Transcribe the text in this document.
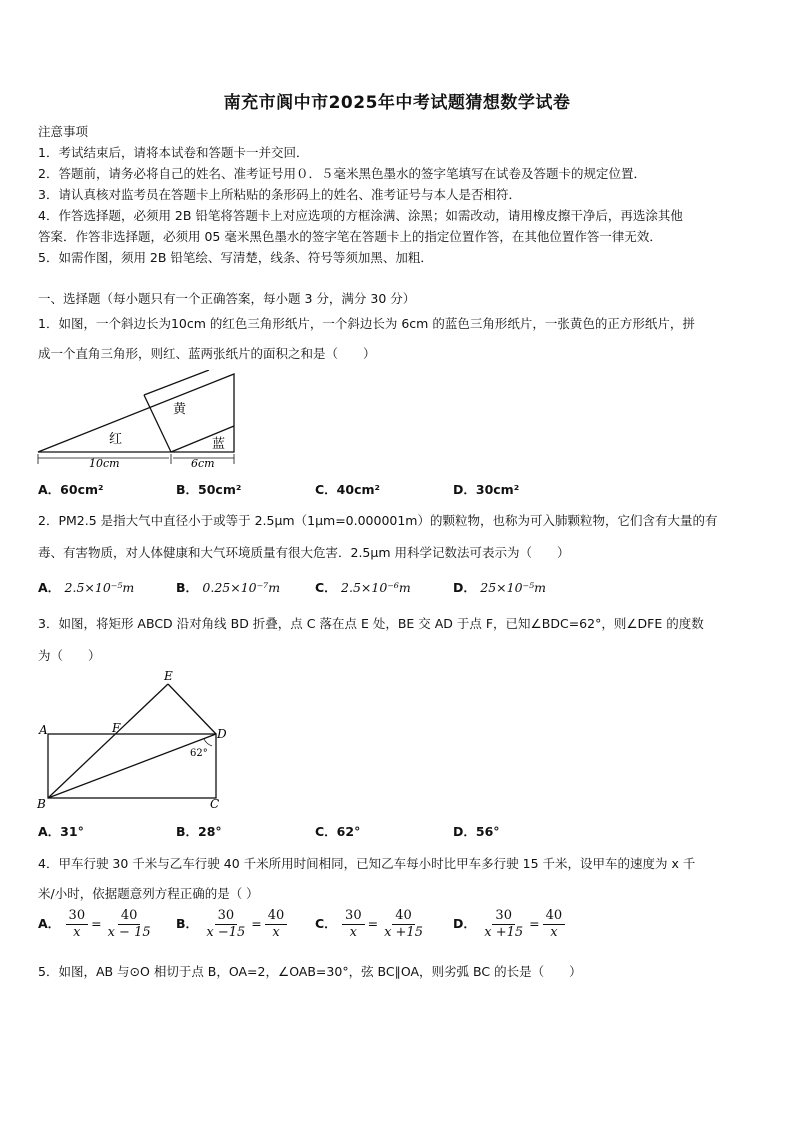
南充市阆中市2025年中考试题猜想数学试卷
注意事项
1．考试结束后，请将本试卷和答题卡一并交回．
2．答题前，请务必将自己的姓名、准考证号用０．５毫米黑色墨水的签字笔填写在试卷及答题卡的规定位置．
3．请认真核对监考员在答题卡上所粘贴的条形码上的姓名、准考证号与本人是否相符．
4．作答选择题，必须用 2B 铅笔将答题卡上对应选项的方框涂满、涂黑；如需改动，请用橡皮擦干净后，再选涂其他
答案．作答非选择题，必须用 05 毫米黑色墨水的签字笔在答题卡上的指定位置作答，在其他位置作答一律无效．
5．如需作图，须用 2B 铅笔绘、写清楚，线条、符号等须加黑、加粗．
一、选择题（每小题只有一个正确答案，每小题 3 分，满分 30 分）
1．如图，一个斜边长为10cm 的红色三角形纸片，一个斜边长为 6cm 的蓝色三角形纸片，一张黄色的正方形纸片，拼
成一个直角三角形，则红、蓝两张纸片的面积之和是（　　）
黄
红	蓝
10cm	6cm
A．60cm²	B．50cm²	C．40cm²	D．30cm²
2．PM2.5 是指大气中直径小于或等于 2.5μm（1μm=0.000001m）的颗粒物，也称为可入肺颗粒物，它们含有大量的有
毒、有害物质，对人体健康和大气环境质量有很大危害．2.5μm 用科学记数法可表示为（　　）
A． 2.5×10⁻⁵m	B． 0.25×10⁻⁷m	C． 2.5×10⁻⁶m	D． 25×10⁻⁵m
3．如图，将矩形 ABCD 沿对角线 BD 折叠，点 C 落在点 E 处，BE 交 AD 于点 F，已知∠BDC=62°，则∠DFE 的度数
为（　　）
A
B	C
D
E
F
62°
A．31°	B．28°	C．62°	D．56°
4．甲车行驶 30 千米与乙车行驶 40 千米所用时间相同，已知乙车每小时比甲车多行驶 15 千米，设甲车的速度为 x 千
米/小时，依据题意列方程正确的是（ ）
A． $\frac{30}{x} = \frac{40}{x - 15}$ B． $\frac{30}{x -15} = \frac{40}{x}$ C． $\frac{30}{x} = \frac{40}{x +15}$ D． $\frac{30}{x +15} = \frac{40}{x}$
5．如图，AB 与⊙O 相切于点 B，OA=2，∠OAB=30°，弦 BC∥OA，则劣弧 BC 的长是（　　）
